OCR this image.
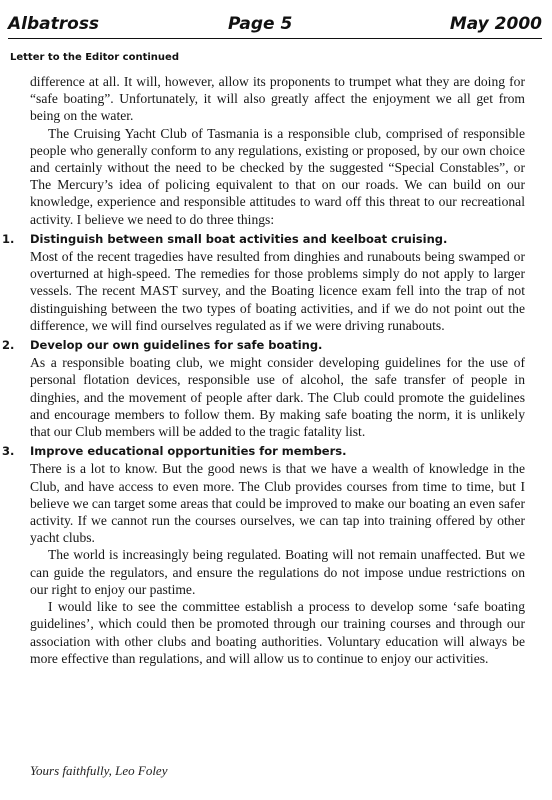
Albatross	Page 5	May 2000
Letter to the Editor continued

difference at all. It will, however, allow its proponents to trumpet what they are doing for “safe boating”. Unfortunately, it will also greatly affect the enjoyment we all get from being on the water.

The Cruising Yacht Club of Tasmania is a responsible club, comprised of responsible people who generally conform to any regulations, existing or proposed, by our own choice and certainly without the need to be checked by the suggested “Special Constables”, or The Mercury’s idea of policing equivalent to that on our roads. We can build on our knowledge, experience and responsible attitudes to ward off this threat to our recreational activity. I believe we need to do three things:

1. Distinguish between small boat activities and keelboat cruising.

Most of the recent tragedies have resulted from dinghies and runabouts being swamped or overturned at high-speed. The remedies for those problems simply do not apply to larger vessels. The recent MAST survey, and the Boating licence exam fell into the trap of not distinguishing between the two types of boating activities, and if we do not point out the difference, we will find ourselves regulated as if we were driving runabouts.

2. Develop our own guidelines for safe boating.

As a responsible boating club, we might consider developing guidelines for the use of personal flotation devices, responsible use of alcohol, the safe transfer of people in dinghies, and the movement of people after dark. The Club could promote the guidelines and encourage members to follow them. By making safe boating the norm, it is unlikely that our Club members will be added to the tragic fatality list.

3. Improve educational opportunities for members.

There is a lot to know. But the good news is that we have a wealth of knowledge in the Club, and have access to even more. The Club provides courses from time to time, but I believe we can target some areas that could be improved to make our boating an even safer activity. If we cannot run the courses ourselves, we can tap into training offered by other yacht clubs.

The world is increasingly being regulated. Boating will not remain unaffected. But we can guide the regulators, and ensure the regulations do not impose undue restrictions on our right to enjoy our pastime.

I would like to see the committee establish a process to develop some ‘safe boating guidelines’, which could then be promoted through our training courses and through our association with other clubs and boating authorities. Voluntary education will always be more effective than regulations, and will allow us to continue to enjoy our activities.

Yours faithfully, Leo Foley
